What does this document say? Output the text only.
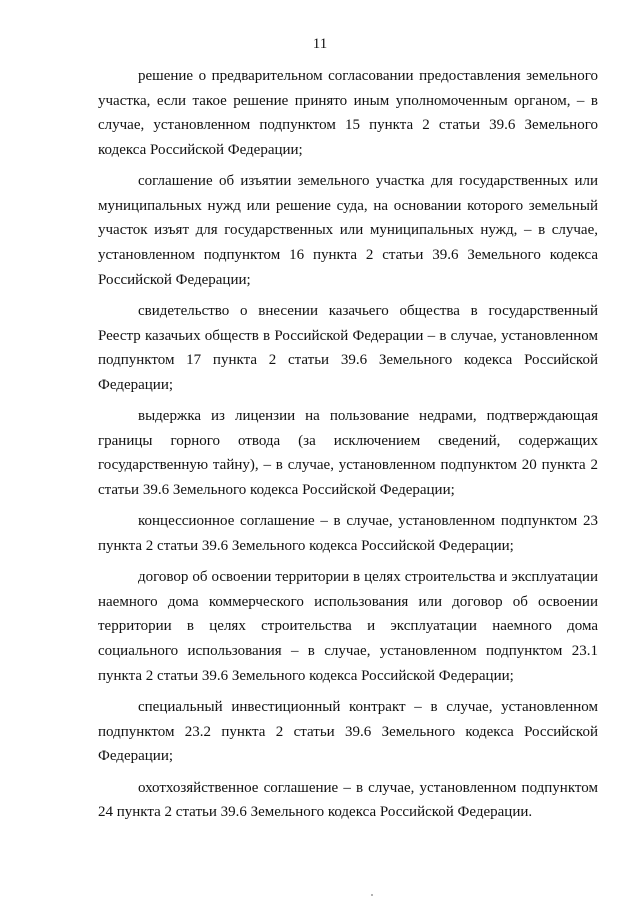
11

решение о предварительном согласовании предоставления земельного участка, если такое решение принято иным уполномоченным органом, – в случае, установленном подпунктом 15 пункта 2 статьи 39.6 Земельного кодекса Российской Федерации;

соглашение об изъятии земельного участка для государственных или муниципальных нужд или решение суда, на основании которого земельный участок изъят для государственных или муниципальных нужд, – в случае, установленном подпунктом 16 пункта 2 статьи 39.6 Земельного кодекса Российской Федерации;

свидетельство о внесении казачьего общества в государственный Реестр казачьих обществ в Российской Федерации – в случае, установленном подпунктом 17 пункта 2 статьи 39.6 Земельного кодекса Российской Федерации;

выдержка из лицензии на пользование недрами, подтверждающая границы горного отвода (за исключением сведений, содержащих государственную тайну), – в случае, установленном подпунктом 20 пункта 2 статьи 39.6 Земельного кодекса Российской Федерации;

концессионное соглашение – в случае, установленном подпунктом 23 пункта 2 статьи 39.6 Земельного кодекса Российской Федерации;

договор об освоении территории в целях строительства и эксплуатации наемного дома коммерческого использования или договор об освоении территории в целях строительства и эксплуатации наемного дома социального использования – в случае, установленном подпунктом 23.1 пункта 2 статьи 39.6 Земельного кодекса Российской Федерации;

специальный инвестиционный контракт – в случае, установленном подпунктом 23.2 пункта 2 статьи 39.6 Земельного кодекса Российской Федерации;

охотхозяйственное соглашение – в случае, установленном подпунктом 24 пункта 2 статьи 39.6 Земельного кодекса Российской Федерации.
